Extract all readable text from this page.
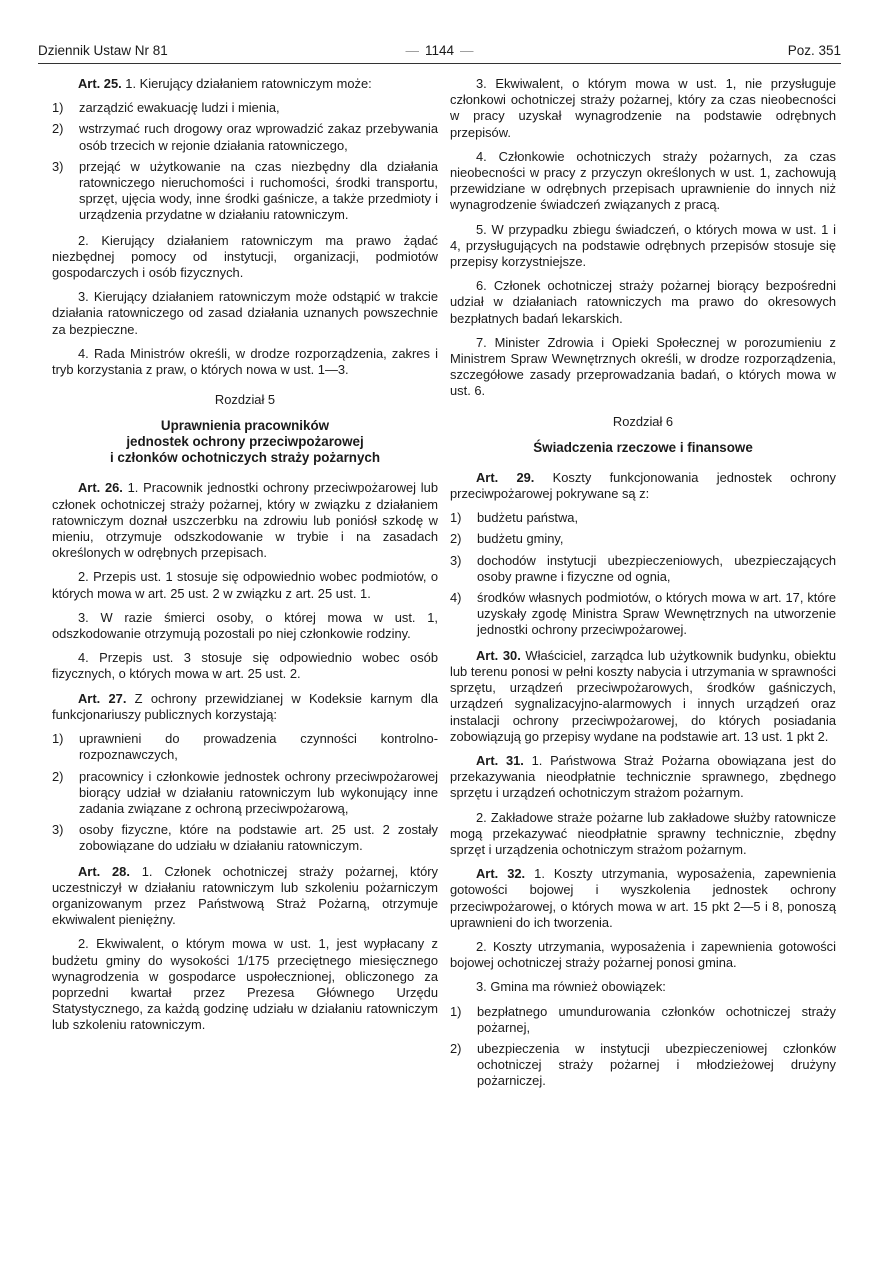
Dziennik Ustaw Nr 81	— 1144 —	Poz. 351

Art. 25. 1. Kierujący działaniem ratowniczym może:

1) zarządzić ewakuację ludzi i mienia,
2) wstrzymać ruch drogowy oraz wprowadzić zakaz przebywania osób trzecich w rejonie działania ratowniczego,
3) przejąć w użytkowanie na czas niezbędny dla działania ratowniczego nieruchomości i ruchomości, środki transportu, sprzęt, ujęcia wody, inne środki gaśnicze, a także przedmioty i urządzenia przydatne w działaniu ratowniczym.

2. Kierujący działaniem ratowniczym ma prawo żądać niezbędnej pomocy od instytucji, organizacji, podmiotów gospodarczych i osób fizycznych.

3. Kierujący działaniem ratowniczym może odstąpić w trakcie działania ratowniczego od zasad działania uznanych powszechnie za bezpieczne.

4. Rada Ministrów określi, w drodze rozporządzenia, zakres i tryb korzystania z praw, o których nowa w ust. 1—3.

Rozdział 5
Uprawnienia pracowników
jednostek ochrony przeciwpożarowej
i członków ochotniczych straży pożarnych

Art. 26. 1. Pracownik jednostki ochrony przeciwpożarowej lub członek ochotniczej straży pożarnej, który w związku z działaniem ratowniczym doznał uszczerbku na zdrowiu lub poniósł szkodę w mieniu, otrzymuje odszkodowanie w trybie i na zasadach określonych w odrębnych przepisach.

2. Przepis ust. 1 stosuje się odpowiednio wobec podmiotów, o których mowa w art. 25 ust. 2 w związku z art. 25 ust. 1.

3. W razie śmierci osoby, o której mowa w ust. 1, odszkodowanie otrzymują pozostali po niej członkowie rodziny.

4. Przepis ust. 3 stosuje się odpowiednio wobec osób fizycznych, o których mowa w art. 25 ust. 2.

Art. 27. Z ochrony przewidzianej w Kodeksie karnym dla funkcjonariuszy publicznych korzystają:

1) uprawnieni do prowadzenia czynności kontrolno-rozpoznawczych,
2) pracownicy i członkowie jednostek ochrony przeciwpożarowej biorący udział w działaniu ratowniczym lub wykonujący inne zadania związane z ochroną przeciwpożarową,
3) osoby fizyczne, które na podstawie art. 25 ust. 2 zostały zobowiązane do udziału w działaniu ratowniczym.

Art. 28. 1. Członek ochotniczej straży pożarnej, który uczestniczył w działaniu ratowniczym lub szkoleniu pożarniczym organizowanym przez Państwową Straż Pożarną, otrzymuje ekwiwalent pieniężny.

2. Ekwiwalent, o którym mowa w ust. 1, jest wypłacany z budżetu gminy do wysokości 1/175 przeciętnego miesięcznego wynagrodzenia w gospodarce uspołecznionej, obliczonego za poprzedni kwartał przez Prezesa Głównego Urzędu Statystycznego, za każdą godzinę udziału w działaniu ratowniczym lub szkoleniu ratowniczym.

3. Ekwiwalent, o którym mowa w ust. 1, nie przysługuje członkowi ochotniczej straży pożarnej, który za czas nieobecności w pracy uzyskał wynagrodzenie na podstawie odrębnych przepisów.

4. Członkowie ochotniczych straży pożarnych, za czas nieobecności w pracy z przyczyn określonych w ust. 1, zachowują przewidziane w odrębnych przepisach uprawnienie do innych niż wynagrodzenie świadczeń związanych z pracą.

5. W przypadku zbiegu świadczeń, o których mowa w ust. 1 i 4, przysługujących na podstawie odrębnych przepisów stosuje się przepisy korzystniejsze.

6. Członek ochotniczej straży pożarnej biorący bezpośredni udział w działaniach ratowniczych ma prawo do okresowych bezpłatnych badań lekarskich.

7. Minister Zdrowia i Opieki Społecznej w porozumieniu z Ministrem Spraw Wewnętrznych określi, w drodze rozporządzenia, szczegółowe zasady przeprowadzania badań, o których mowa w ust. 6.

Rozdział 6
Świadczenia rzeczowe i finansowe

Art. 29. Koszty funkcjonowania jednostek ochrony przeciwpożarowej pokrywane są z:

1) budżetu państwa,
2) budżetu gminy,
3) dochodów instytucji ubezpieczeniowych, ubezpieczających osoby prawne i fizyczne od ognia,
4) środków własnych podmiotów, o których mowa w art. 17, które uzyskały zgodę Ministra Spraw Wewnętrznych na utworzenie jednostki ochrony przeciwpożarowej.

Art. 30. Właściciel, zarządca lub użytkownik budynku, obiektu lub terenu ponosi w pełni koszty nabycia i utrzymania w sprawności sprzętu, urządzeń przeciwpożarowych, środków gaśniczych, urządzeń sygnalizacyjno-alarmowych i innych urządzeń oraz instalacji ochrony przeciwpożarowej, do których posiadania zobowiązują go przepisy wydane na podstawie art. 13 ust. 1 pkt 2.

Art. 31. 1. Państwowa Straż Pożarna obowiązana jest do przekazywania nieodpłatnie technicznie sprawnego, zbędnego sprzętu i urządzeń ochotniczym strażom pożarnym.

2. Zakładowe straże pożarne lub zakładowe służby ratownicze mogą przekazywać nieodpłatnie sprawny technicznie, zbędny sprzęt i urządzenia ochotniczym strażom pożarnym.

Art. 32. 1. Koszty utrzymania, wyposażenia, zapewnienia gotowości bojowej i wyszkolenia jednostek ochrony przeciwpożarowej, o których mowa w art. 15 pkt 2—5 i 8, ponoszą uprawnieni do ich tworzenia.

2. Koszty utrzymania, wyposażenia i zapewnienia gotowości bojowej ochotniczej straży pożarnej ponosi gmina.

3. Gmina ma również obowiązek:

1) bezpłatnego umundurowania członków ochotniczej straży pożarnej,
2) ubezpieczenia w instytucji ubezpieczeniowej członków ochotniczej straży pożarnej i młodzieżowej drużyny pożarniczej.
